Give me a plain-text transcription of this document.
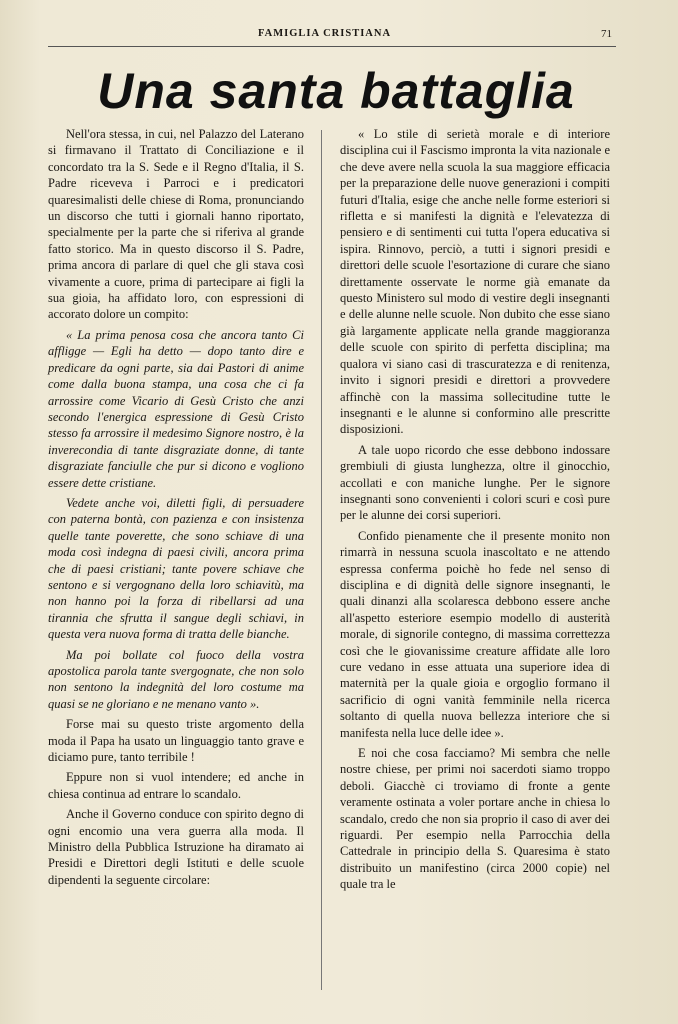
FAMIGLIA CRISTIANA	71
Una santa battaglia

Nell'ora stessa, in cui, nel Palazzo del Laterano si firmavano il Trattato di Conciliazione e il concordato tra la S. Sede e il Regno d'Italia, il S. Padre riceveva i Parroci e i predicatori quaresimalisti delle chiese di Roma, pronunciando un discorso che tutti i giornali hanno riportato, specialmente per la parte che si riferiva al grande fatto storico. Ma in questo discorso il S. Padre, prima ancora di parlare di quel che gli stava così vivamente a cuore, prima di partecipare ai figli la sua gioia, ha affidato loro, con espressioni di accorato dolore un compito:

« La prima penosa cosa che ancora tanto Ci affligge — Egli ha detto — dopo tanto dire e predicare da ogni parte, sia dai Pastori di anime come dalla buona stampa, una cosa che ci fa arrossire come Vicario di Gesù Cristo che anzi secondo l'energica espressione di Gesù Cristo stesso fa arrossire il medesimo Signore nostro, è la inverecondia di tante disgraziate donne, di tante disgraziate fanciulle che pur si dicono e vogliono essere dette cristiane.

Vedete anche voi, diletti figli, di persuadere con paterna bontà, con pazienza e con insistenza quelle tante poverette, che sono schiave di una moda così indegna di paesi civili, ancora prima che di paesi cristiani; tante povere schiave che sentono e si vergognano della loro schiavitù, ma non hanno poi la forza di ribellarsi ad una tirannia che sfrutta il sangue degli schiavi, in questa vera nuova forma di tratta delle bianche.

Ma poi bollate col fuoco della vostra apostolica parola tante svergognate, che non solo non sentono la indegnità del loro costume ma quasi se ne gloriano e ne menano vanto ».

Forse mai su questo triste argomento della moda il Papa ha usato un linguaggio tanto grave e diciamo pure, tanto terribile !

Eppure non si vuol intendere; ed anche in chiesa continua ad entrare lo scandalo.

Anche il Governo conduce con spirito degno di ogni encomio una vera guerra alla moda. Il Ministro della Pubblica Istruzione ha diramato ai Presidi e Direttori degli Istituti e delle scuole dipendenti la seguente circolare:

« Lo stile di serietà morale e di interiore disciplina cui il Fascismo impronta la vita nazionale e che deve avere nella scuola la sua maggiore efficacia per la preparazione delle nuove generazioni i compiti futuri d'Italia, esige che anche nelle forme esteriori si rifletta e si manifesti la dignità e l'elevatezza di pensiero e di sentimenti cui tutta l'opera educativa si ispira. Rinnovo, perciò, a tutti i signori presidi e direttori delle scuole l'esortazione di curare che siano direttamente osservate le norme già emanate da questo Ministero sul modo di vestire degli insegnanti e delle alunne nelle scuole. Non dubito che esse siano già largamente applicate nella grande maggioranza delle scuole con spirito di perfetta disciplina; ma qualora vi siano casi di trascuratezza e di renitenza, invito i signori presidi e direttori a provvedere affinchè con la massima sollecitudine tutte le insegnanti e le alunne si conformino alle prescritte disposizioni.

A tale uopo ricordo che esse debbono indossare grembiuli di giusta lunghezza, oltre il ginocchio, accollati e con maniche lunghe. Per le signore insegnanti sono convenienti i colori scuri e così pure per le alunne dei corsi superiori.

Confido pienamente che il presente monito non rimarrà in nessuna scuola inascoltato e ne attendo espressa conferma poichè ho fede nel senso di disciplina e di dignità delle signore insegnanti, le quali dinanzi alla scolaresca debbono essere anche all'aspetto esteriore esempio modello di austerità morale, di signorile contegno, di massima correttezza così che le giovanissime creature affidate alle loro cure vedano in esse attuata una superiore idea di maternità per la quale gioia e orgoglio formano il sacrificio di ogni vanità femminile nella ricerca soltanto di quella nuova bellezza interiore che si manifesta nella luce delle idee ».

E noi che cosa facciamo? Mi sembra che nelle nostre chiese, per primi noi sacerdoti siamo troppo deboli. Giacchè ci troviamo di fronte a gente veramente ostinata a voler portare anche in chiesa lo scandalo, credo che non sia proprio il caso di aver dei riguardi. Per esempio nella Parrocchia della Cattedrale in principio della S. Quaresima è stato distribuito un manifestino (circa 2000 copie) nel quale tra le
